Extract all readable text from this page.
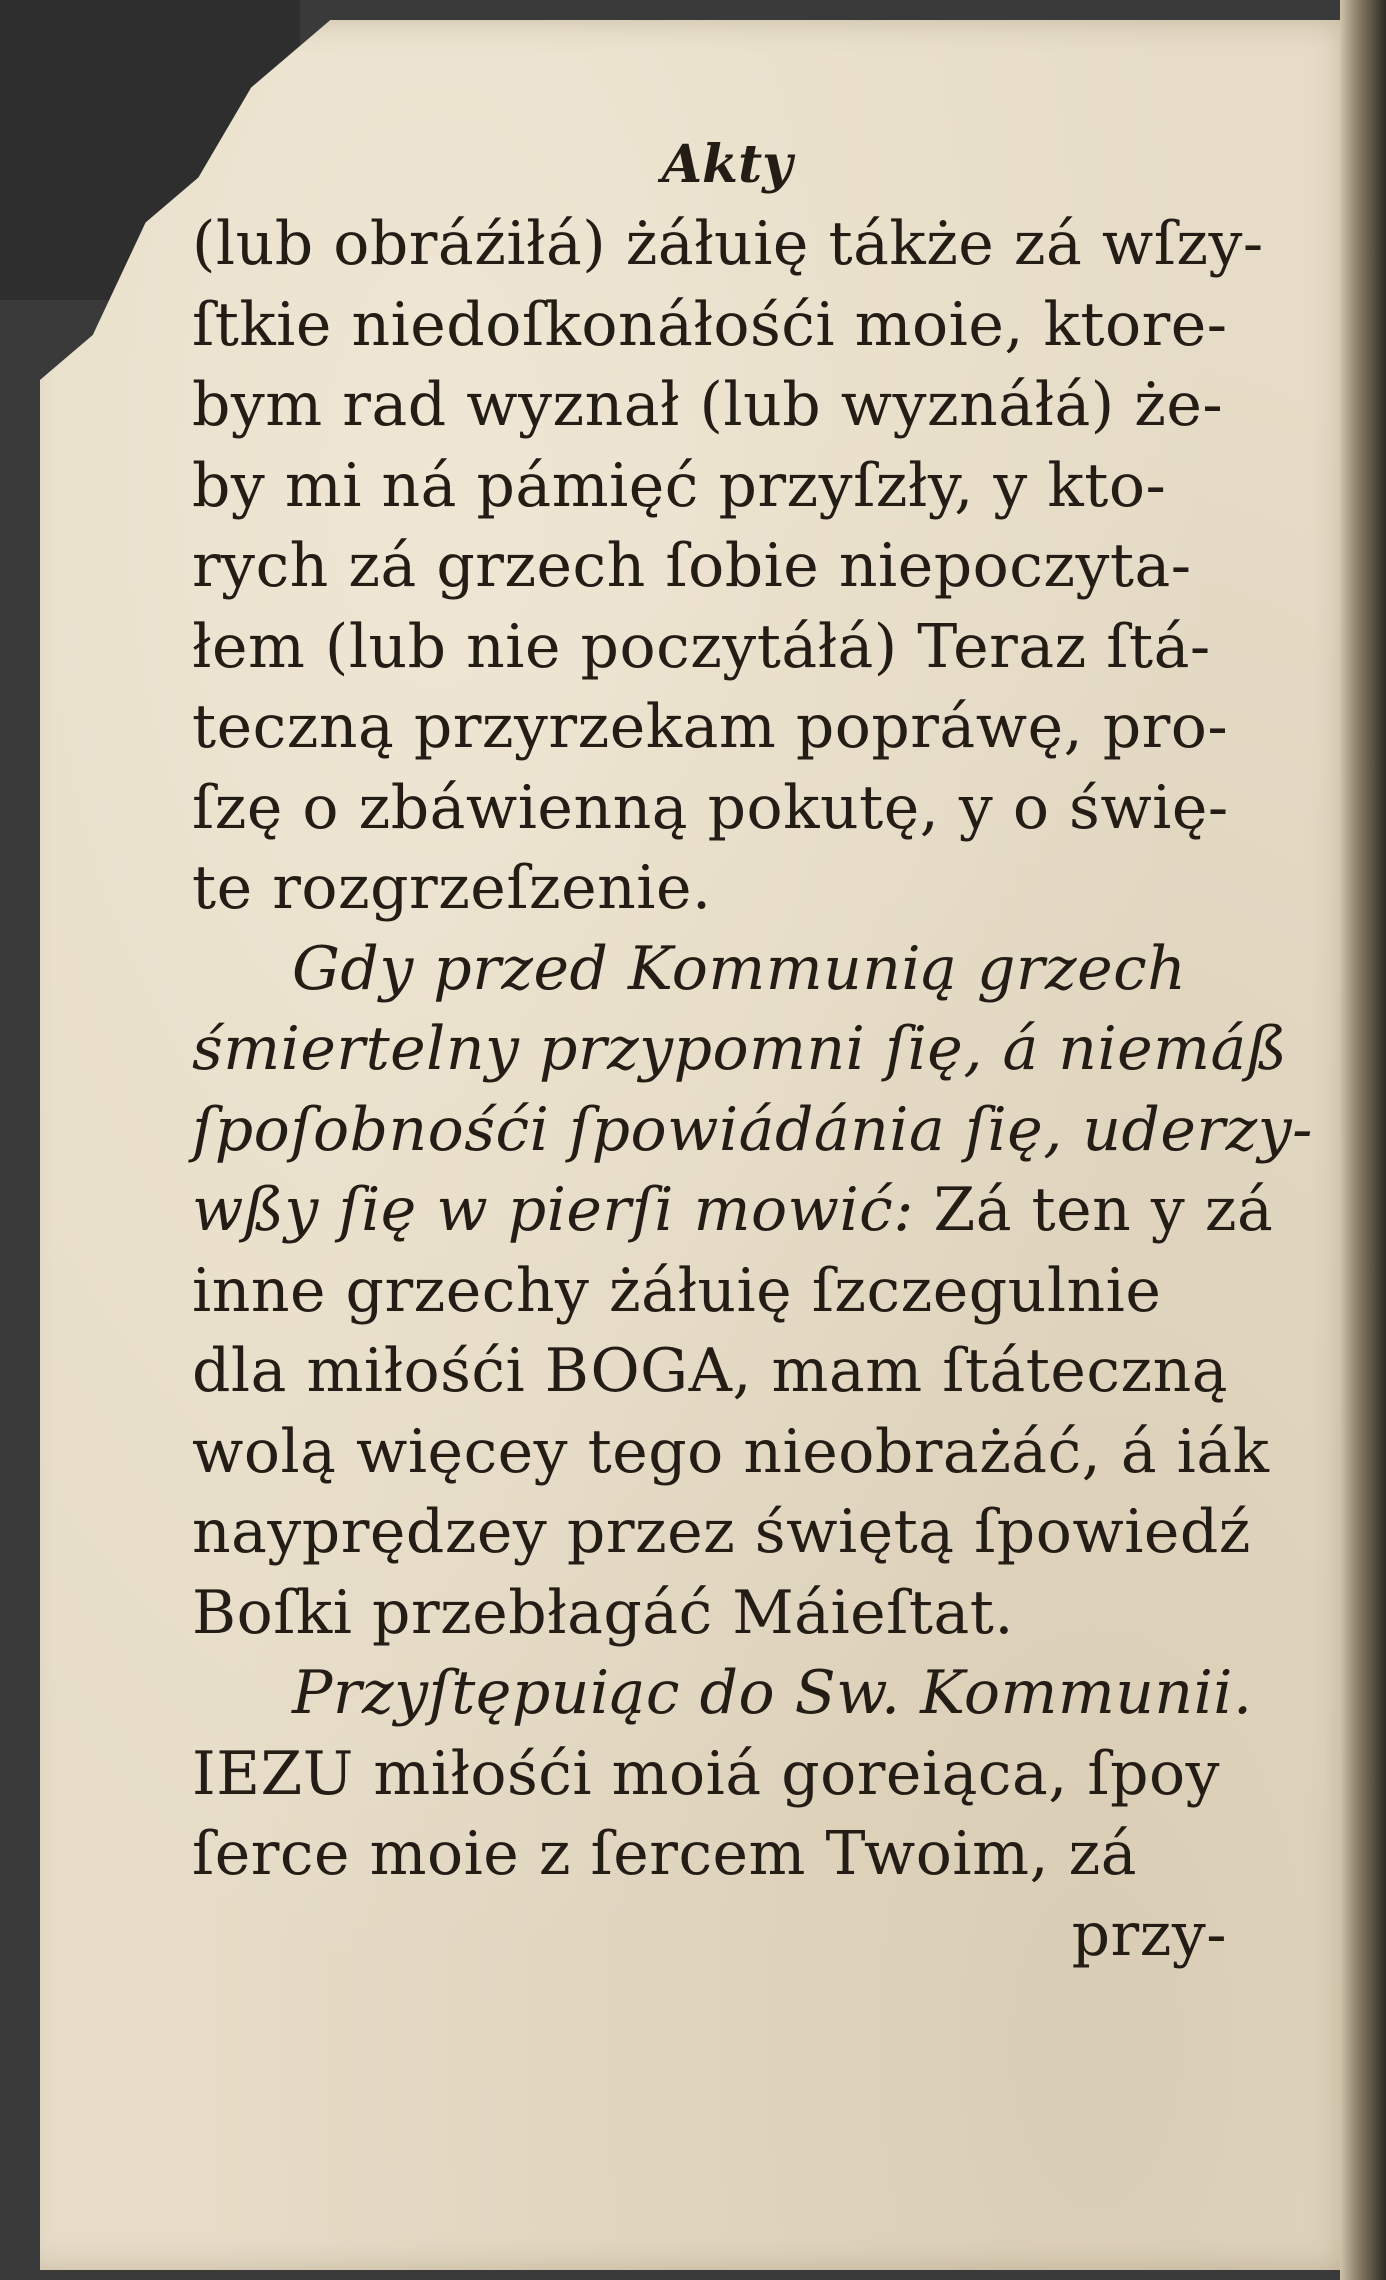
Akty
(lub obráźiłá) żáłuię tákże zá wſzy-
ſtkie niedoſkonáłośći moie, ktore-
bym rad wyznał (lub wyznáłá) że-
by mi ná pámięć przyſzły, y kto-
rych zá grzech ſobie niepoczyta-
łem (lub nie poczytáłá) Teraz ſtá-
teczną przyrzekam popráwę, pro-
ſzę o zbáwienną pokutę, y o świę-
te rozgrzeſzenie.
Gdy przed Kommunią grzech
śmiertelny przypomni ſię, á niemáß
ſpoſobnośći ſpowiádánia ſię, uderzy-
wßy ſię w pierſi mowić: Zá ten y zá
inne grzechy żáłuię ſzczegulnie
dla miłośći BOGA, mam ſtáteczną
wolą więcey tego nieobrażáć, á iák
nayprędzey przez świętą ſpowiedź
Boſki przebłagáć Máieſtat.
Przyſtępuiąc do Sw. Kommunii.
IEZU miłośći moiá goreiąca, ſpoy
ſerce moie z ſercem Twoim, zá
przy-
